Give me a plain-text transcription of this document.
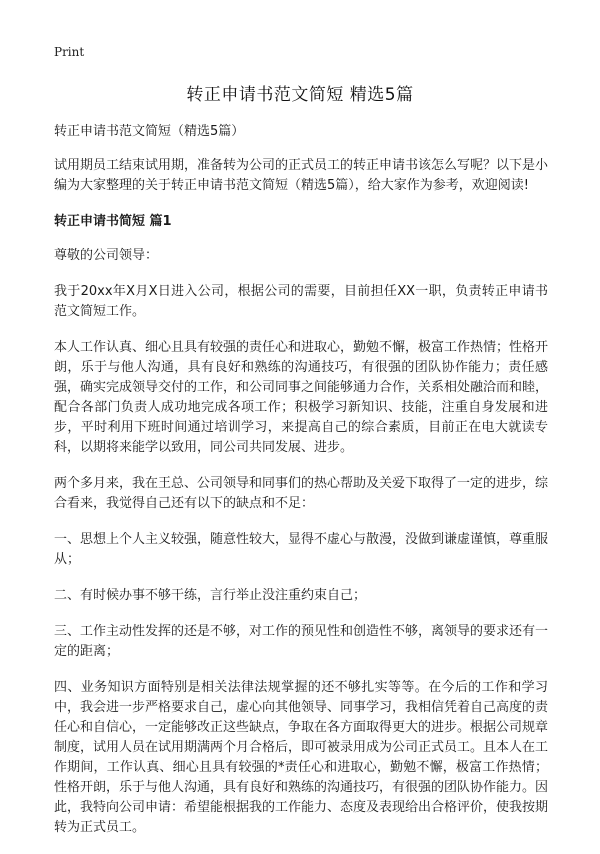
Print
转正申请书范文简短 精选5篇

转正申请书范文简短（精选5篇）

试用期员工结束试用期，准备转为公司的正式员工的转正申请书该怎么写呢？以下是小编为大家整理的关于转正申请书范文简短（精选5篇），给大家作为参考，欢迎阅读!

转正申请书简短 篇1

尊敬的公司领导：

我于20xx年X月X日进入公司，根据公司的需要，目前担任XX一职，负责转正申请书范文简短工作。

本人工作认真、细心且具有较强的责任心和进取心，勤勉不懈，极富工作热情；性格开朗，乐于与他人沟通，具有良好和熟练的沟通技巧，有很强的团队协作能力；责任感强，确实完成领导交付的工作，和公司同事之间能够通力合作，关系相处融洽而和睦，配合各部门负责人成功地完成各项工作；积极学习新知识、技能，注重自身发展和进步，平时利用下班时间通过培训学习，来提高自己的综合素质，目前正在电大就读专科，以期将来能学以致用，同公司共同发展、进步。

两个多月来，我在王总、公司领导和同事们的热心帮助及关爱下取得了一定的进步，综合看来，我觉得自己还有以下的缺点和不足：

一、思想上个人主义较强，随意性较大，显得不虚心与散漫，没做到谦虚谨慎，尊重服从；

二、有时候办事不够干练，言行举止没注重约束自己；

三、工作主动性发挥的还是不够，对工作的预见性和创造性不够，离领导的要求还有一定的距离；

四、业务知识方面特别是相关法律法规掌握的还不够扎实等等。在今后的工作和学习中，我会进一步严格要求自己，虚心向其他领导、同事学习，我相信凭着自己高度的责任心和自信心，一定能够改正这些缺点，争取在各方面取得更大的进步。根据公司规章制度，试用人员在试用期满两个月合格后，即可被录用成为公司正式员工。且本人在工作期间，工作认真、细心且具有较强的*责任心和进取心，勤勉不懈，极富工作热情；性格开朗，乐于与他人沟通，具有良好和熟练的沟通技巧，有很强的团队协作能力。因此，我特向公司申请：希望能根据我的工作能力、态度及表现给出合格评价，使我按期转为正式员工。
